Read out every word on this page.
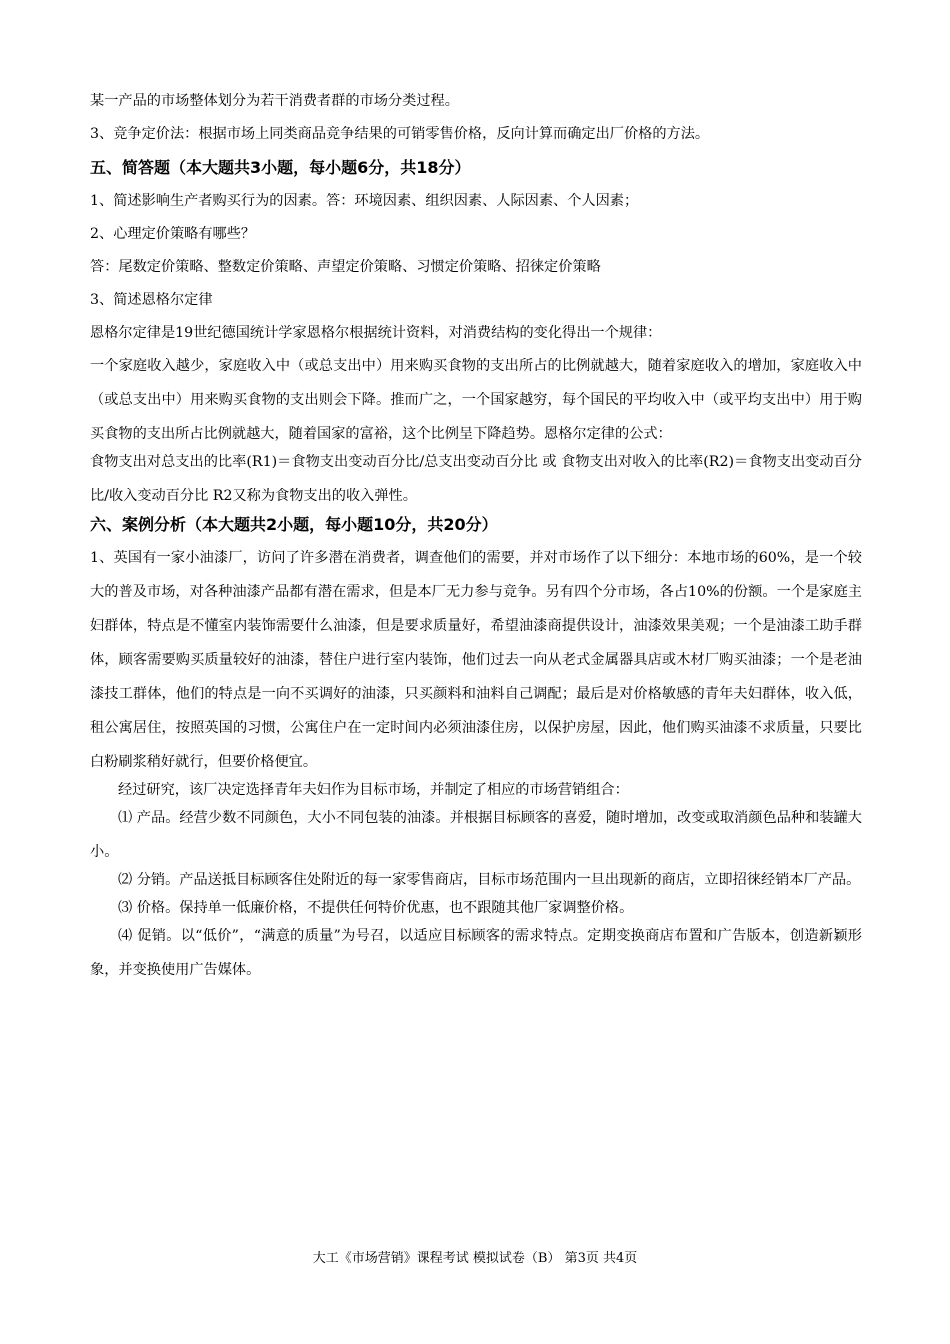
某一产品的市场整体划分为若干消费者群的市场分类过程。

3、竞争定价法：根据市场上同类商品竞争结果的可销零售价格，反向计算而确定出厂价格的方法。

五、简答题（本大题共3小题，每小题6分，共18分）

1、简述影响生产者购买行为的因素。答：环境因素、组织因素、人际因素、个人因素；

2、心理定价策略有哪些？

答：尾数定价策略、整数定价策略、声望定价策略、习惯定价策略、招徕定价策略

3、简述恩格尔定律

恩格尔定律是19世纪德国统计学家恩格尔根据统计资料，对消费结构的变化得出一个规律：

一个家庭收入越少，家庭收入中（或总支出中）用来购买食物的支出所占的比例就越大，随着家庭收入的增加，家庭收入中（或总支出中）用来购买食物的支出则会下降。推而广之，一个国家越穷，每个国民的平均收入中（或平均支出中）用于购买食物的支出所占比例就越大，随着国家的富裕，这个比例呈下降趋势。恩格尔定律的公式：

食物支出对总支出的比率(R1)＝食物支出变动百分比/总支出变动百分比 或 食物支出对收入的比率(R2)＝食物支出变动百分比/收入变动百分比 R2又称为食物支出的收入弹性。

六、案例分析（本大题共2小题，每小题10分，共20分）

1、英国有一家小油漆厂，访问了许多潜在消费者，调查他们的需要，并对市场作了以下细分：本地市场的60%，是一个较大的普及市场，对各种油漆产品都有潜在需求，但是本厂无力参与竞争。另有四个分市场，各占10%的份额。一个是家庭主妇群体，特点是不懂室内装饰需要什么油漆，但是要求质量好，希望油漆商提供设计，油漆效果美观；一个是油漆工助手群体，顾客需要购买质量较好的油漆，替住户进行室内装饰，他们过去一向从老式金属器具店或木材厂购买油漆；一个是老油漆技工群体，他们的特点是一向不买调好的油漆，只买颜料和油料自己调配；最后是对价格敏感的青年夫妇群体，收入低，租公寓居住，按照英国的习惯，公寓住户在一定时间内必须油漆住房，以保护房屋，因此，他们购买油漆不求质量，只要比白粉刷浆稍好就行，但要价格便宜。

经过研究，该厂决定选择青年夫妇作为目标市场，并制定了相应的市场营销组合：

⑴ 产品。经营少数不同颜色，大小不同包装的油漆。并根据目标顾客的喜爱，随时增加，改变或取消颜色品种和装罐大小。

⑵ 分销。产品送抵目标顾客住处附近的每一家零售商店，目标市场范围内一旦出现新的商店，立即招徕经销本厂产品。

⑶ 价格。保持单一低廉价格，不提供任何特价优惠，也不跟随其他厂家调整价格。

⑷ 促销。以“低价”，“满意的质量”为号召，以适应目标顾客的需求特点。定期变换商店布置和广告版本，创造新颖形象，并变换使用广告媒体。

大工《市场营销》课程考试 模拟试卷（B） 第3页 共4页
